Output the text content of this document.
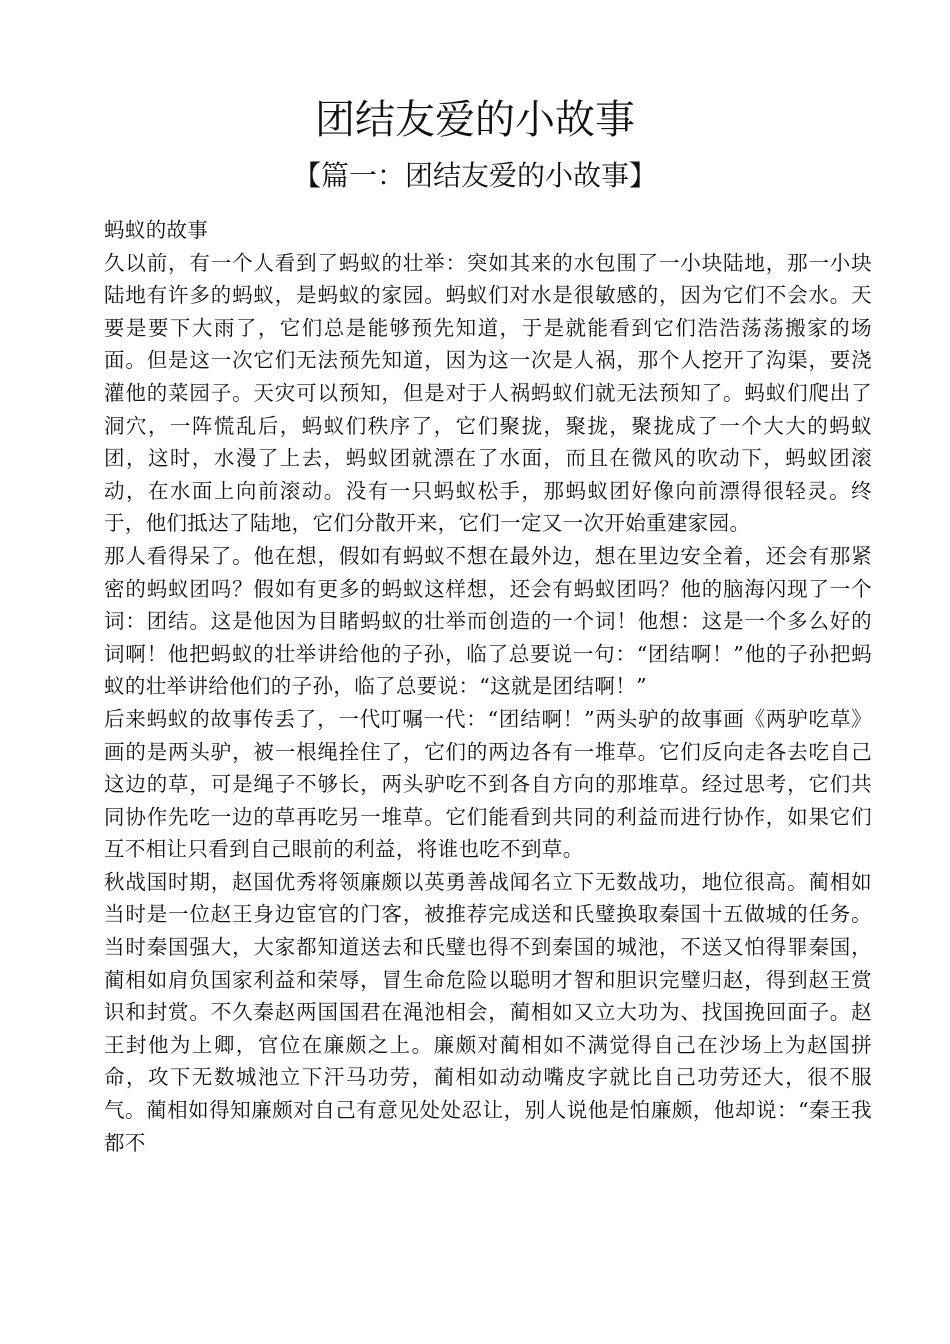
团结友爱的小故事
【篇一：团结友爱的小故事】

蚂蚁的故事

久以前，有一个人看到了蚂蚁的壮举：突如其来的水包围了一小块陆地，那一小块陆地有许多的蚂蚁，是蚂蚁的家园。蚂蚁们对水是很敏感的，因为它们不会水。天要是要下大雨了，它们总是能够预先知道，于是就能看到它们浩浩荡荡搬家的场面。但是这一次它们无法预先知道，因为这一次是人祸，那个人挖开了沟渠，要浇灌他的菜园子。天灾可以预知，但是对于人祸蚂蚁们就无法预知了。蚂蚁们爬出了洞穴，一阵慌乱后，蚂蚁们秩序了，它们聚拢，聚拢，聚拢成了一个大大的蚂蚁团，这时，水漫了上去，蚂蚁团就漂在了水面，而且在微风的吹动下，蚂蚁团滚动，在水面上向前滚动。没有一只蚂蚁松手，那蚂蚁团好像向前漂得很轻灵。终于，他们抵达了陆地，它们分散开来，它们一定又一次开始重建家园。

那人看得呆了。他在想，假如有蚂蚁不想在最外边，想在里边安全着，还会有那紧密的蚂蚁团吗？假如有更多的蚂蚁这样想，还会有蚂蚁团吗？他的脑海闪现了一个词：团结。这是他因为目睹蚂蚁的壮举而创造的一个词！他想：这是一个多么好的词啊！他把蚂蚁的壮举讲给他的子孙，临了总要说一句：“团结啊！”他的子孙把蚂蚁的壮举讲给他们的子孙，临了总要说：“这就是团结啊！”

后来蚂蚁的故事传丢了，一代叮嘱一代：“团结啊！”两头驴的故事画《两驴吃草》画的是两头驴，被一根绳拴住了，它们的两边各有一堆草。它们反向走各去吃自己这边的草，可是绳子不够长，两头驴吃不到各自方向的那堆草。经过思考，它们共同协作先吃一边的草再吃另一堆草。它们能看到共同的利益而进行协作，如果它们互不相让只看到自己眼前的利益，将谁也吃不到草。

秋战国时期，赵国优秀将领廉颇以英勇善战闻名立下无数战功，地位很高。蔺相如当时是一位赵王身边宦官的门客，被推荐完成送和氏璧换取秦国十五做城的任务。当时秦国强大，大家都知道送去和氏璧也得不到秦国的城池，不送又怕得罪秦国，蔺相如肩负国家利益和荣辱，冒生命危险以聪明才智和胆识完璧归赵，得到赵王赏识和封赏。不久秦赵两国国君在渑池相会，蔺相如又立大功为、找国挽回面子。赵王封他为上卿，官位在廉颇之上。廉颇对蔺相如不满觉得自己在沙场上为赵国拼命，攻下无数城池立下汗马功劳，蔺相如动动嘴皮字就比自己功劳还大，很不服气。蔺相如得知廉颇对自己有意见处处忍让，别人说他是怕廉颇，他却说：“秦王我都不
